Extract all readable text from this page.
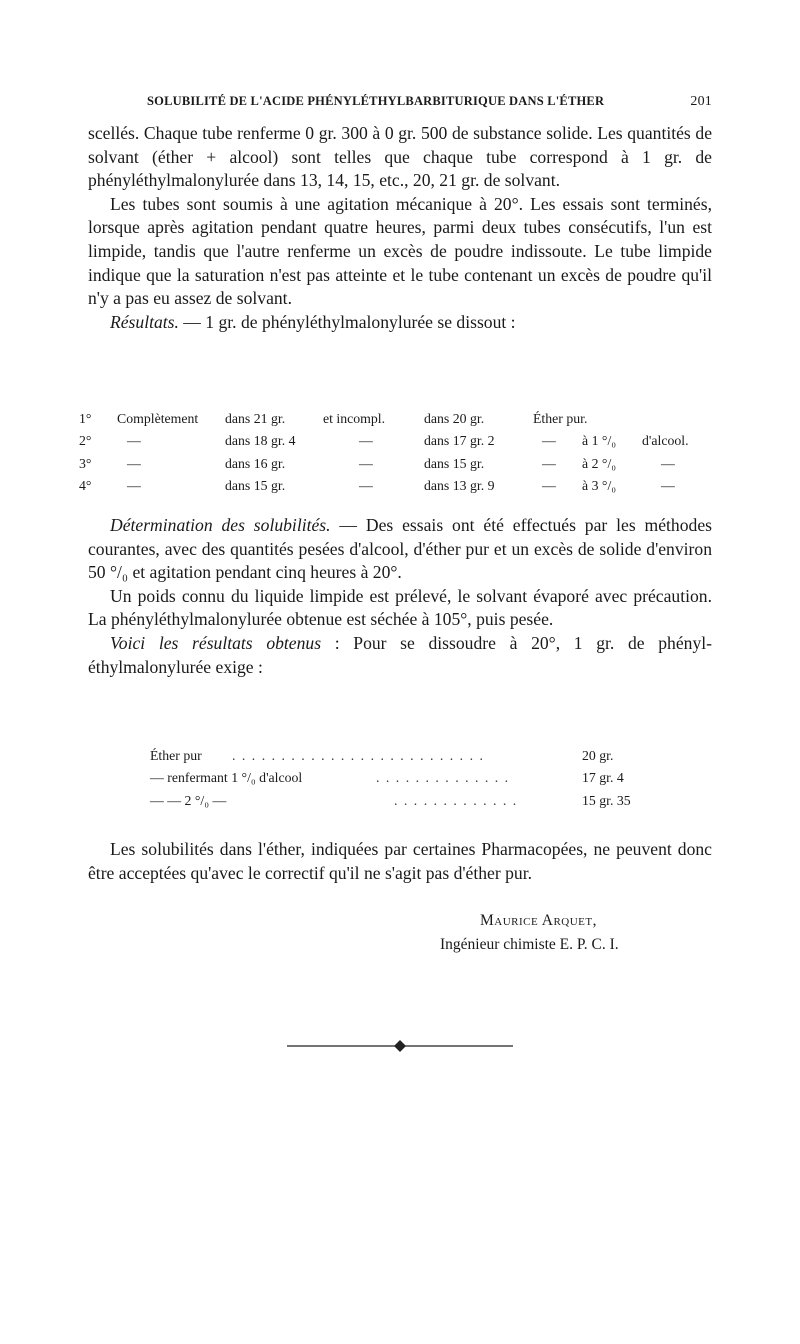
SOLUBILITÉ DE L'ACIDE PHÉNYLÉTHYLBARBITURIQUE DANS L'ÉTHER	201

scellés. Chaque tube renferme 0 gr. 300 à 0 gr. 500 de substance solide. Les quantités de solvant (éther + alcool) sont telles que chaque tube correspond à 1 gr. de phényléthylmalonylurée dans 13, 14, 15, etc., 20, 21 gr. de solvant.

Les tubes sont soumis à une agitation mécanique à 20°. Les essais sont terminés, lorsque après agitation pendant quatre heures, parmi deux tubes consécutifs, l'un est limpide, tandis que l'autre renferme un excès de poudre indissoute. Le tube limpide indique que la saturation n'est pas atteinte et le tube contenant un excès de poudre qu'il n'y a pas eu assez de solvant.

Résultats. — 1 gr. de phényléthylmalonylurée se dissout :

1° Complètement dans 21 gr.	et incompl.	dans 20 gr.	Éther pur.
2°	—	dans 18 gr. 4	—	dans 17 gr. 2	— à 1 °/₀ d'alcool.
3°	—	dans 16 gr.	—	dans 15 gr.	— à 2 °/₀	—
4°	—	dans 15 gr.	—	dans 13 gr. 9	— à 3 °/₀	—

Détermination des solubilités. — Des essais ont été effectués par les méthodes courantes, avec des quantités pesées d'alcool, d'éther pur et un excès de solide d'environ 50 °/₀ et agitation pendant cinq heures à 20°.

Un poids connu du liquide limpide est prélevé, le solvant évaporé avec précaution. La phényléthylmalonylurée obtenue est séchée à 105°, puis pesée.

Voici les résultats obtenus : Pour se dissoudre à 20°, 1 gr. de phényl-éthylmalonylurée exige :

Éther pur . . . . . . . . . . . . . . . . . . . . . . . . . .	20 gr.
— renfermant 1 °/₀ d'alcool	. . . . . . . . . . . . . .	17 gr. 4
— — 2 °/₀ —	. . . . . . . . . . . . .	15 gr. 35

Les solubilités dans l'éther, indiquées par certaines Pharmacopées, ne peuvent donc être acceptées qu'avec le correctif qu'il ne s'agit pas d'éther pur.

Maurice Arquet,
Ingénieur chimiste E. P. C. I.
